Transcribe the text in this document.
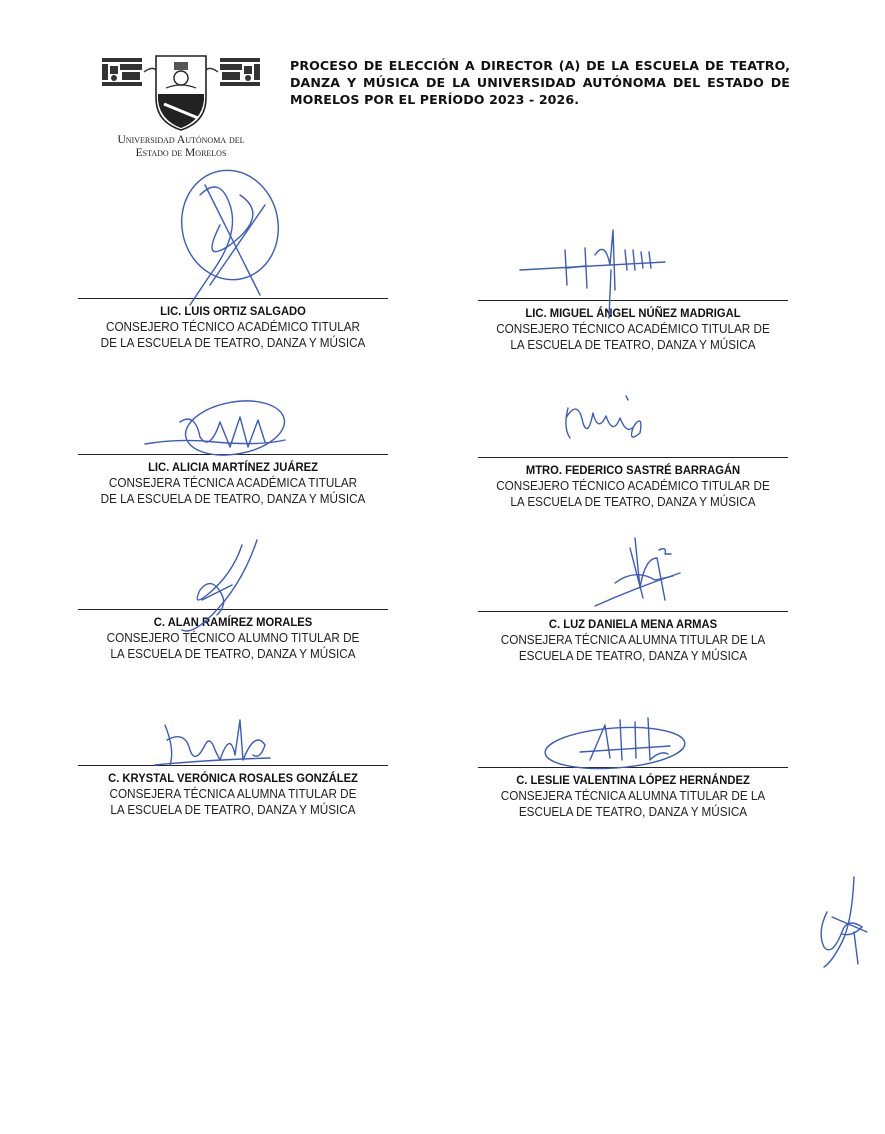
Universidad Autónoma del
Estado de Morelos
PROCESO DE ELECCIÓN A DIRECTOR (A) DE LA ESCUELA DE TEATRO, DANZA Y MÚSICA DE LA UNIVERSIDAD AUTÓNOMA DEL ESTADO DE MORELOS POR EL PERÍODO 2023 - 2026.
LIC. LUIS ORTIZ SALGADO
CONSEJERO TÉCNICO ACADÉMICO TITULAR
DE LA ESCUELA DE TEATRO, DANZA Y MÚSICA
LIC. MIGUEL ÁNGEL NÚÑEZ MADRIGAL
CONSEJERO TÉCNICO ACADÉMICO TITULAR DE
LA ESCUELA DE TEATRO, DANZA Y MÚSICA
LIC. ALICIA MARTÍNEZ JUÁREZ
CONSEJERA TÉCNICA ACADÉMICA TITULAR
DE LA ESCUELA DE TEATRO, DANZA Y MÚSICA
MTRO. FEDERICO SASTRÉ BARRAGÁN
CONSEJERO TÉCNICO ACADÉMICO TITULAR DE
LA ESCUELA DE TEATRO, DANZA Y MÚSICA
C. ALAN RAMÍREZ MORALES
CONSEJERO TÉCNICO ALUMNO TITULAR DE
LA ESCUELA DE TEATRO, DANZA Y MÚSICA
C. LUZ DANIELA MENA ARMAS
CONSEJERA TÉCNICA ALUMNA TITULAR DE LA
ESCUELA DE TEATRO, DANZA Y MÚSICA
C. KRYSTAL VERÓNICA ROSALES GONZÁLEZ
CONSEJERA TÉCNICA ALUMNA TITULAR DE
LA ESCUELA DE TEATRO, DANZA Y MÚSICA
C. LESLIE VALENTINA LÓPEZ HERNÁNDEZ
CONSEJERA TÉCNICA ALUMNA TITULAR DE LA
ESCUELA DE TEATRO, DANZA Y MÚSICA
